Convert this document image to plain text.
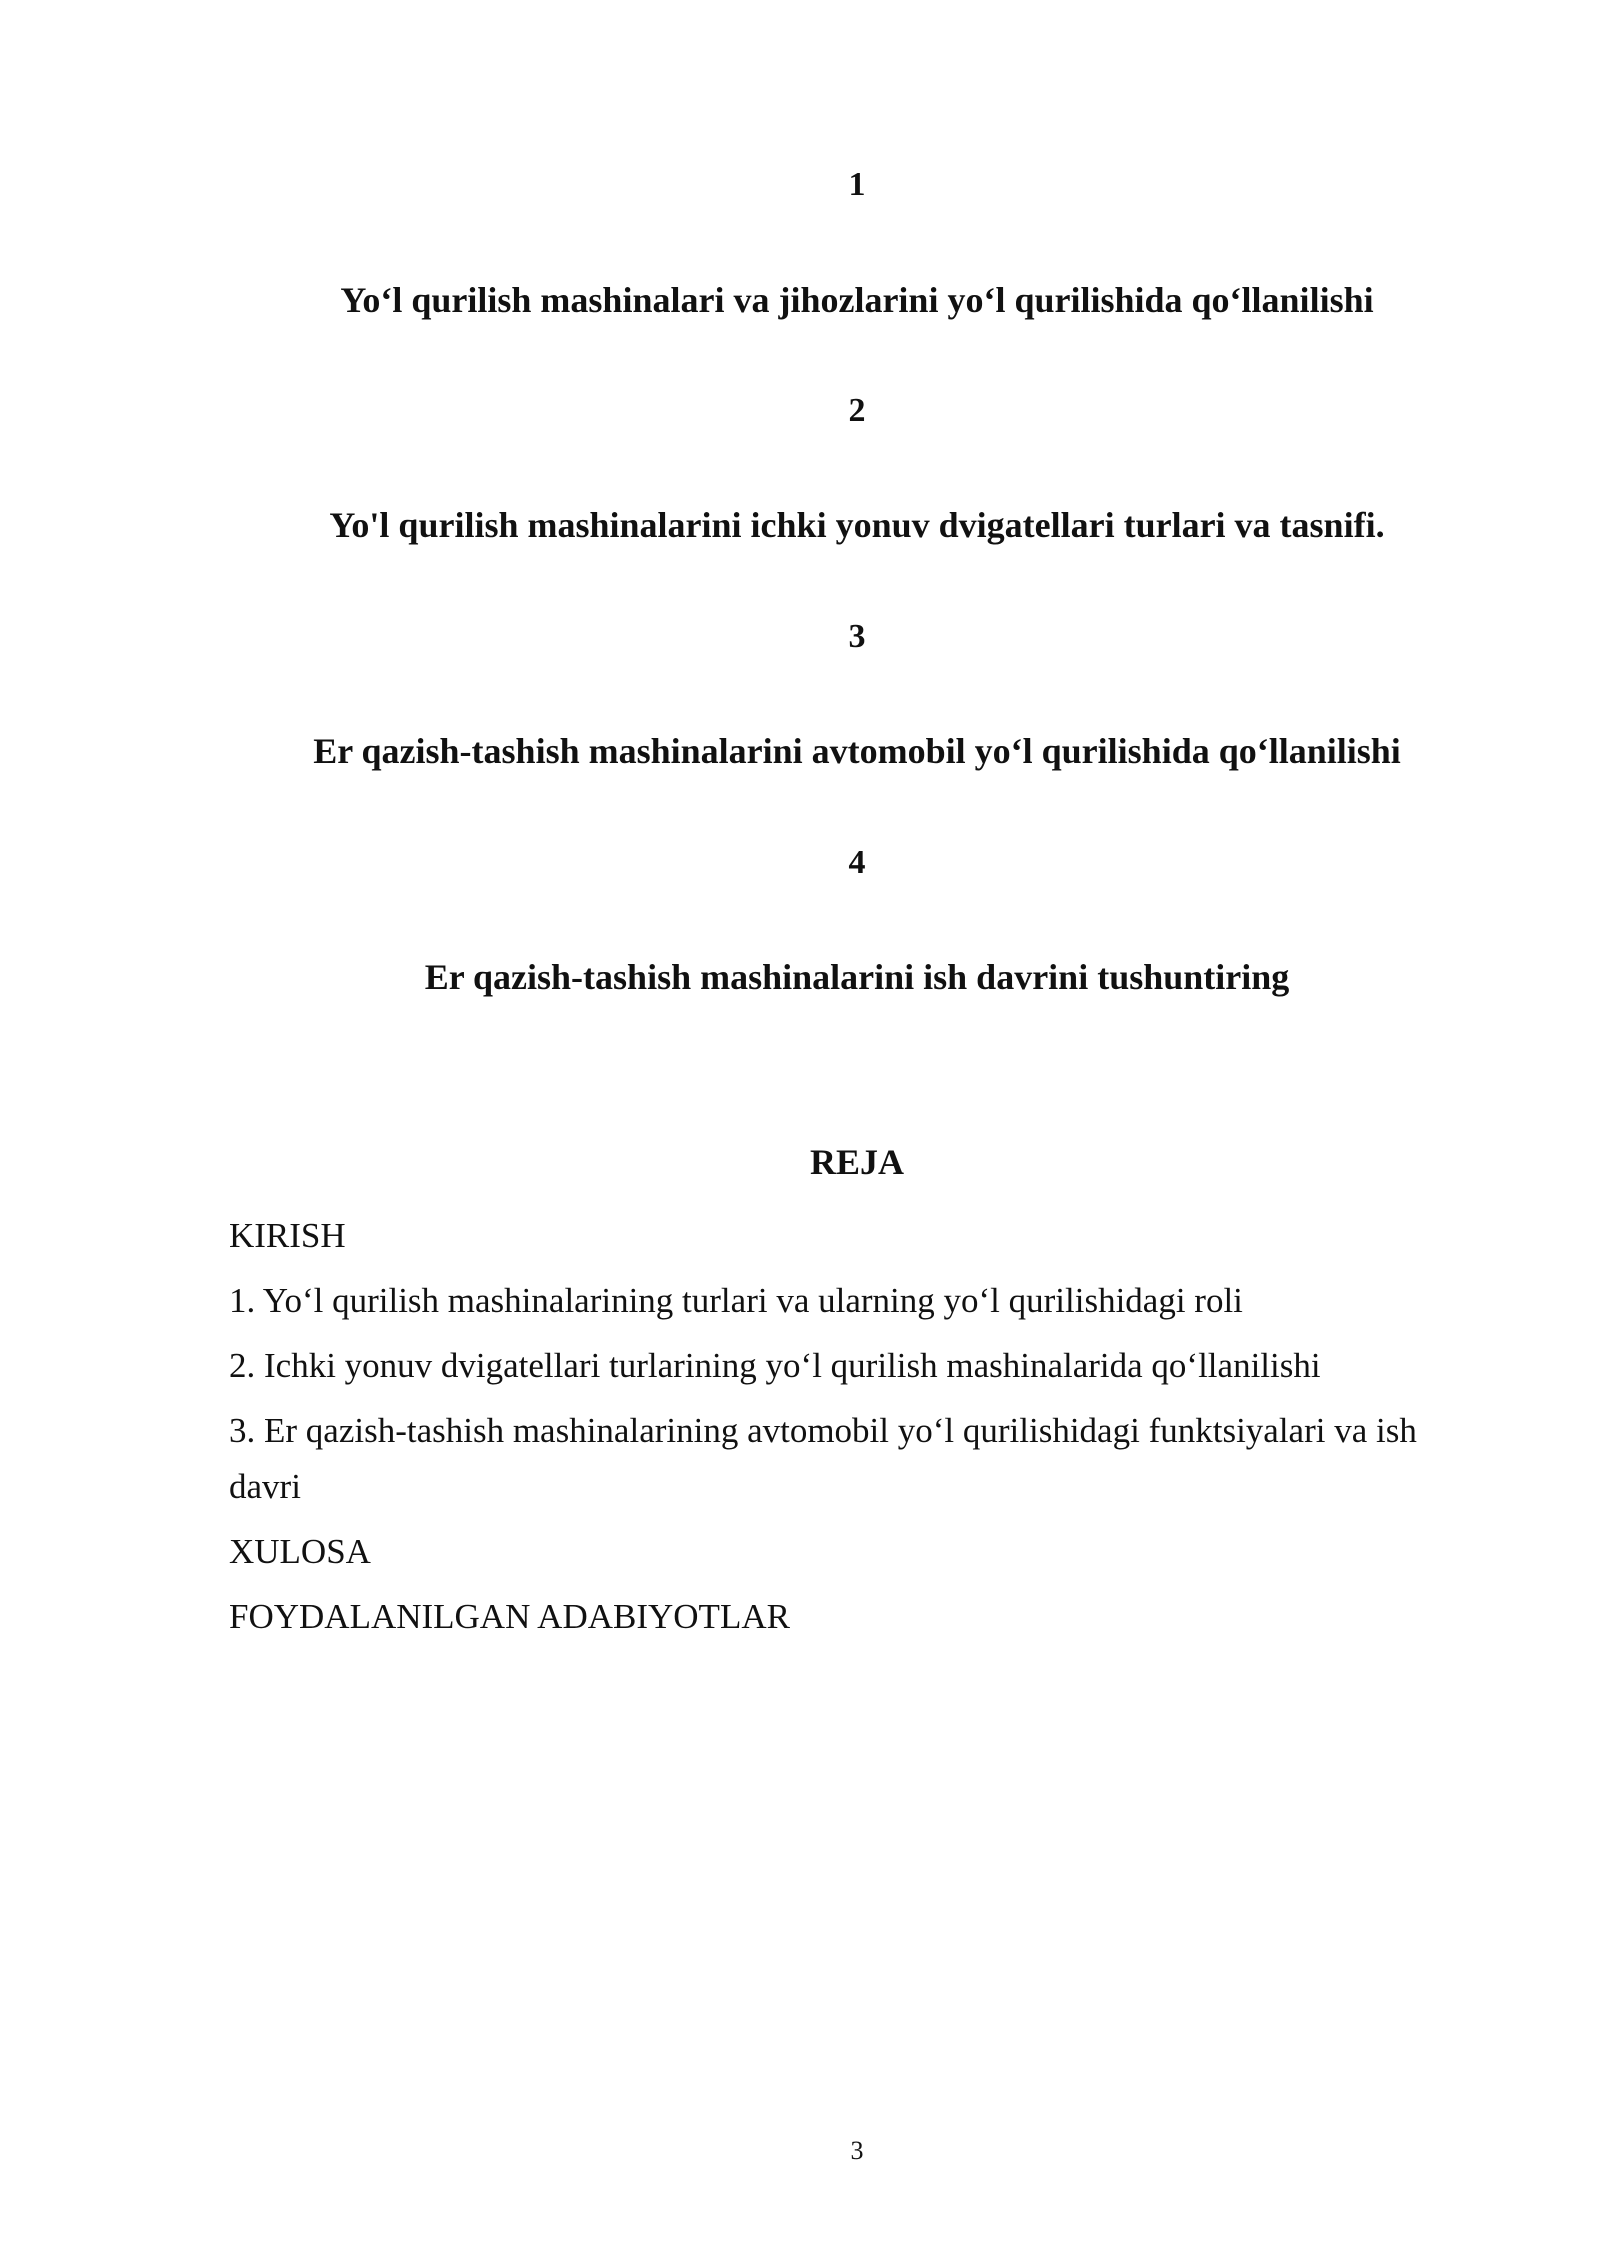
1
Yo‘l qurilish mashinalari va jihozlarini yo‘l qurilishida qo‘llanilishi
2
Yo'l qurilish mashinalarini ichki yonuv dvigatellari turlari va tasnifi.
3
Er qazish-tashish mashinalarini avtomobil yo‘l qurilishida qo‘llanilishi
4
Er qazish-tashish mashinalarini ish davrini tushuntiring
REJA
KIRISH
1. Yo‘l qurilish mashinalarining turlari va ularning yo‘l qurilishidagi roli
2. Ichki yonuv dvigatellari turlarining yo‘l qurilish mashinalarida qo‘llanilishi
3. Er qazish-tashish mashinalarining avtomobil yo‘l qurilishidagi funktsiyalari va ish davri
XULOSA
FOYDALANILGAN ADABIYOTLAR
3
